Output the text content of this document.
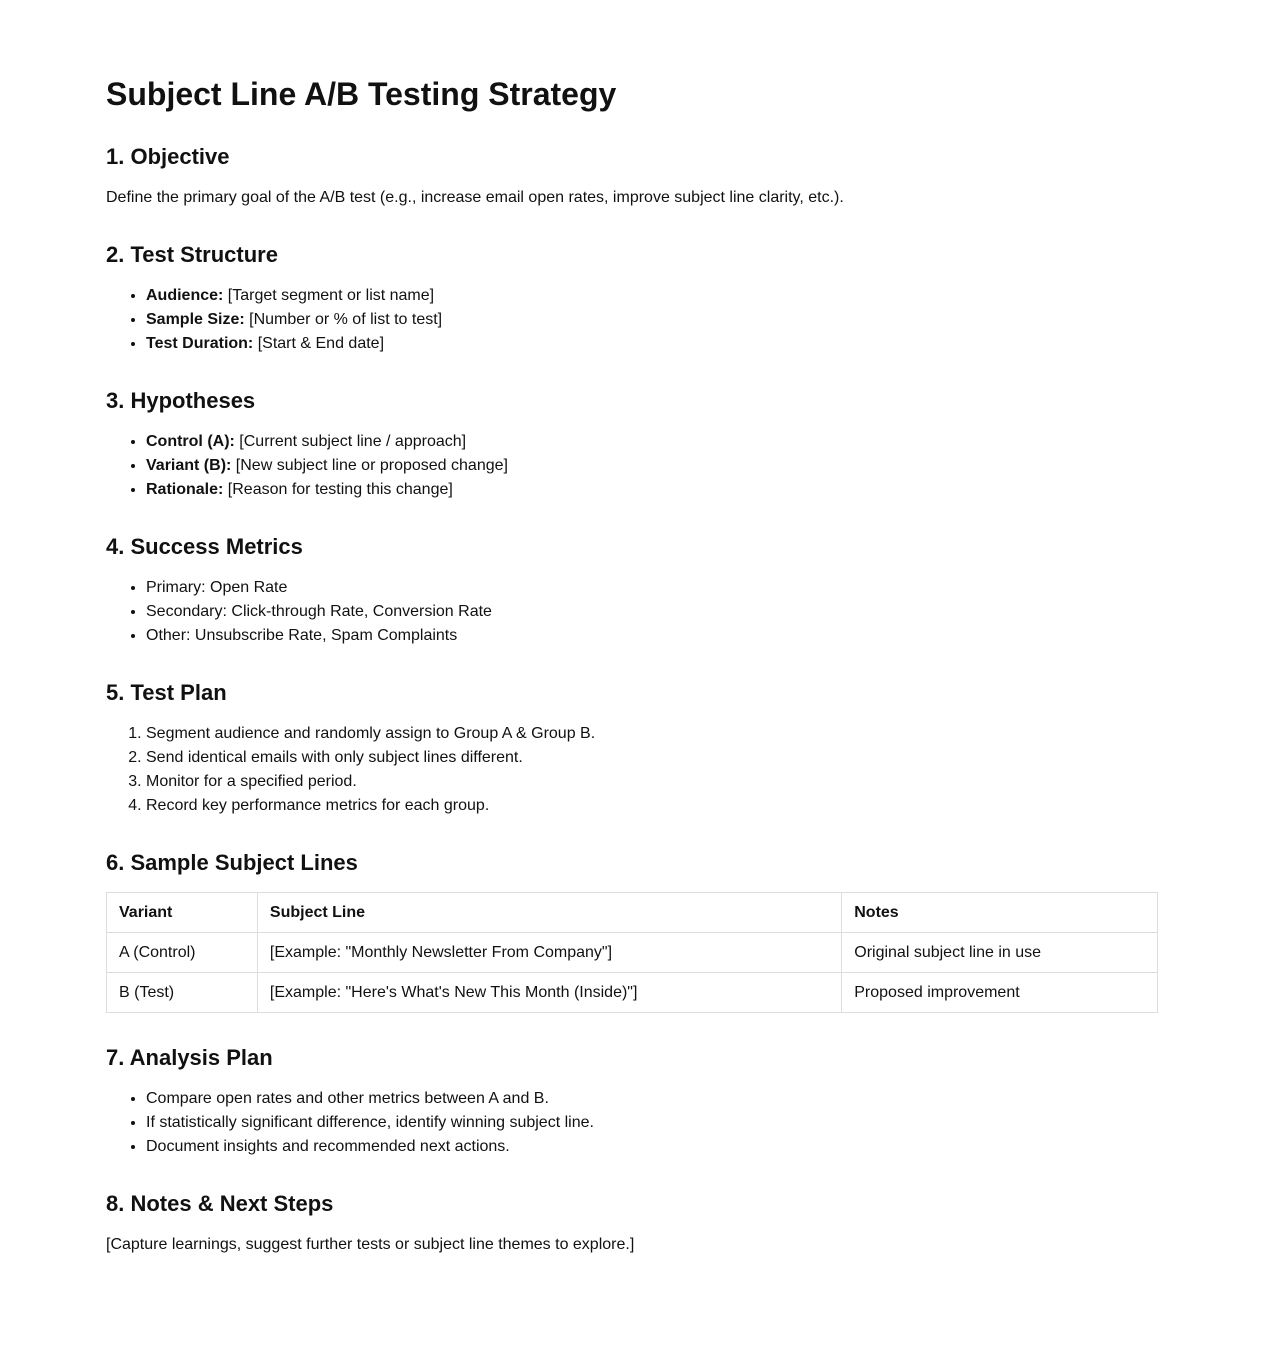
Subject Line A/B Testing Strategy
1. Objective

Define the primary goal of the A/B test (e.g., increase email open rates, improve subject line clarity, etc.).

2. Test Structure
• Audience: [Target segment or list name]
• Sample Size: [Number or % of list to test]
• Test Duration: [Start & End date]
3. Hypotheses
• Control (A): [Current subject line / approach]
• Variant (B): [New subject line or proposed change]
• Rationale: [Reason for testing this change]
4. Success Metrics
• Primary: Open Rate
• Secondary: Click-through Rate, Conversion Rate
• Other: Unsubscribe Rate, Spam Complaints
5. Test Plan
1. Segment audience and randomly assign to Group A & Group B.
2. Send identical emails with only subject lines different.
3. Monitor for a specified period.
4. Record key performance metrics for each group.
6. Sample Subject Lines
Variant	Subject Line	Notes
A (Control)	[Example: "Monthly Newsletter From Company"]	Original subject line in use
B (Test)	[Example: "Here's What's New This Month (Inside)"]	Proposed improvement
7. Analysis Plan
• Compare open rates and other metrics between A and B.
• If statistically significant difference, identify winning subject line.
• Document insights and recommended next actions.
8. Notes & Next Steps

[Capture learnings, suggest further tests or subject line themes to explore.]
